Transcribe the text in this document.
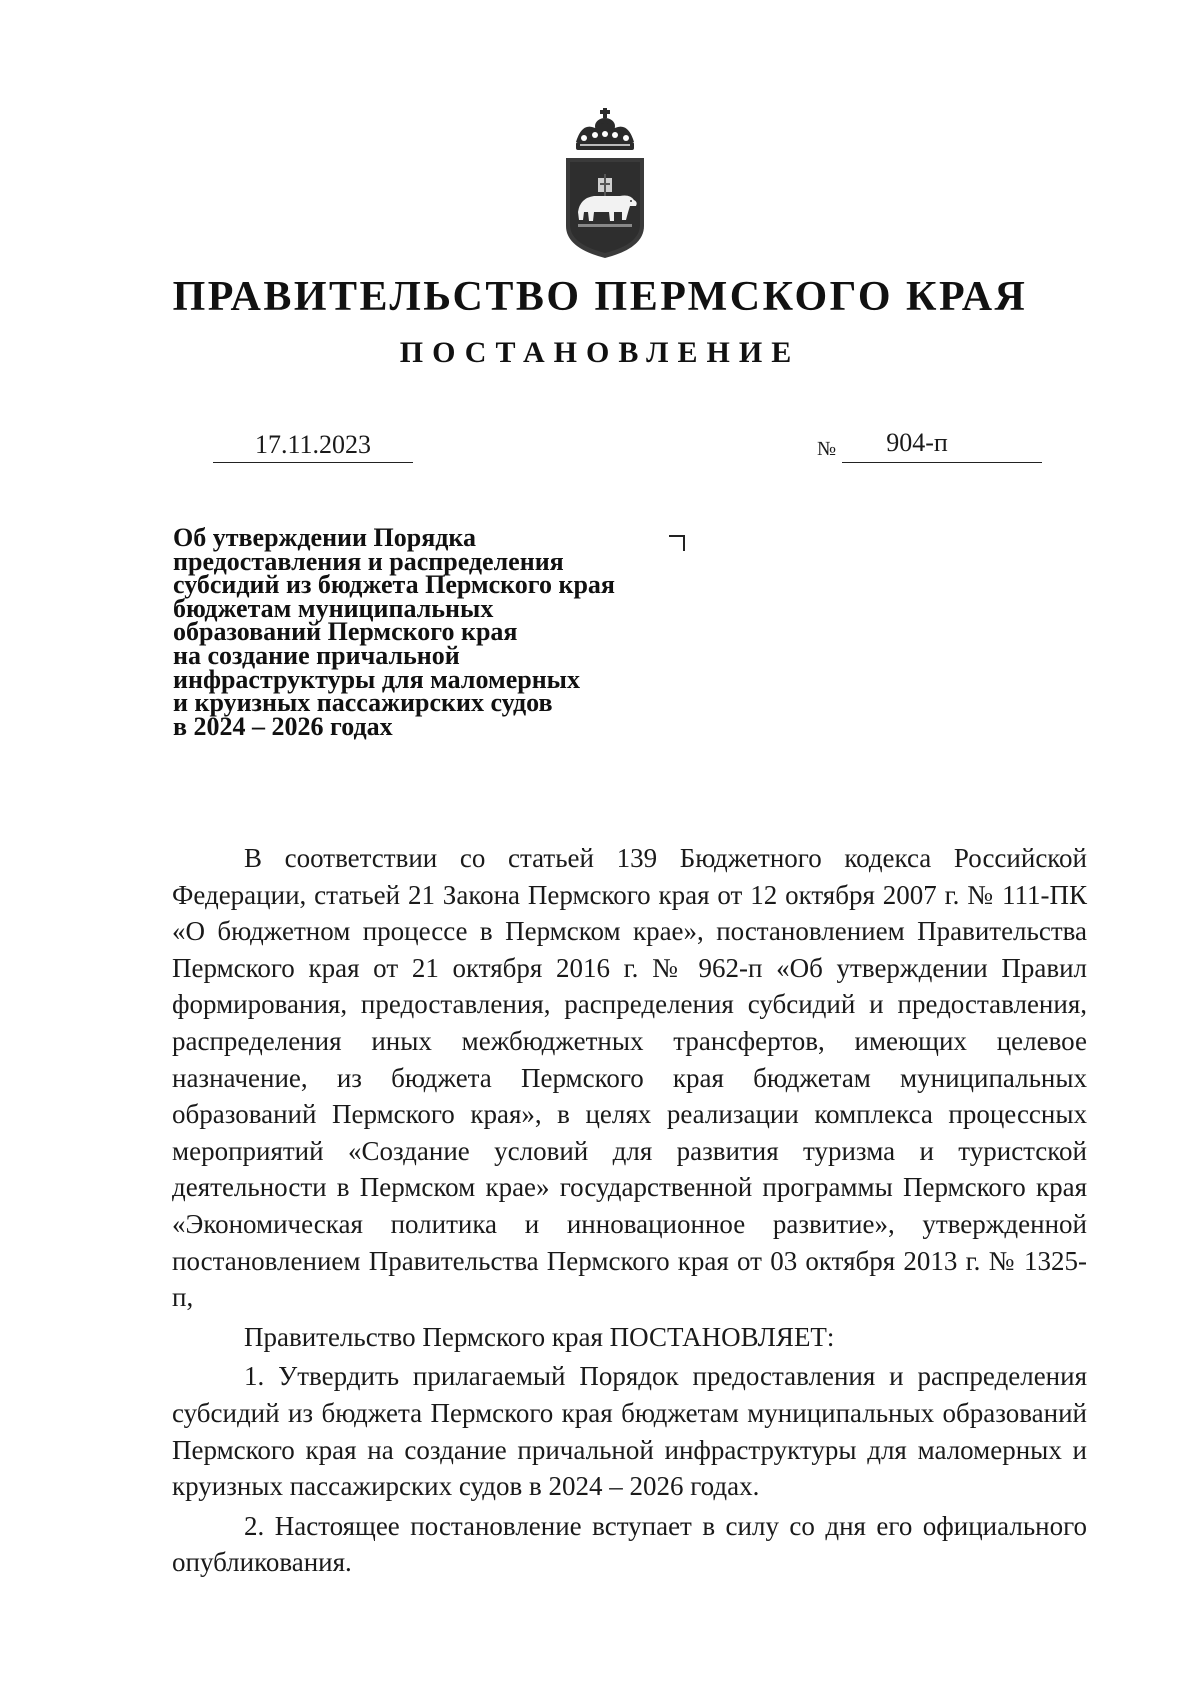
ПРАВИТЕЛЬСТВО ПЕРМСКОГО КРАЯ
ПОСТАНОВЛЕНИЕ
17.11.2023	№	904-п
Об утверждении Порядка
предоставления и распределения
субсидий из бюджета Пермского края
бюджетам муниципальных
образований Пермского края
на создание причальной
инфраструктуры для маломерных
и круизных пассажирских судов
в 2024 – 2026 годах

В соответствии со статьей 139 Бюджетного кодекса Российской Федерации, статьей 21 Закона Пермского края от 12 октября 2007 г. № 111-ПК «О бюджетном процессе в Пермском крае», постановлением Правительства Пермского края от 21 октября 2016 г. № 962-п «Об утверждении Правил формирования, предоставления, распределения субсидий и предоставления, распределения иных межбюджетных трансфертов, имеющих целевое назначение, из бюджета Пермского края бюджетам муниципальных образований Пермского края», в целях реализации комплекса процессных мероприятий «Создание условий для развития туризма и туристской деятельности в Пермском крае» государственной программы Пермского края «Экономическая политика и инновационное развитие», утвержденной постановлением Правительства Пермского края от 03 октября 2013 г. № 1325-п,

Правительство Пермского края ПОСТАНОВЛЯЕТ:

1. Утвердить прилагаемый Порядок предоставления и распределения субсидий из бюджета Пермского края бюджетам муниципальных образований Пермского края на создание причальной инфраструктуры для маломерных и круизных пассажирских судов в 2024 – 2026 годах.

2. Настоящее постановление вступает в силу со дня его официального опубликования.
